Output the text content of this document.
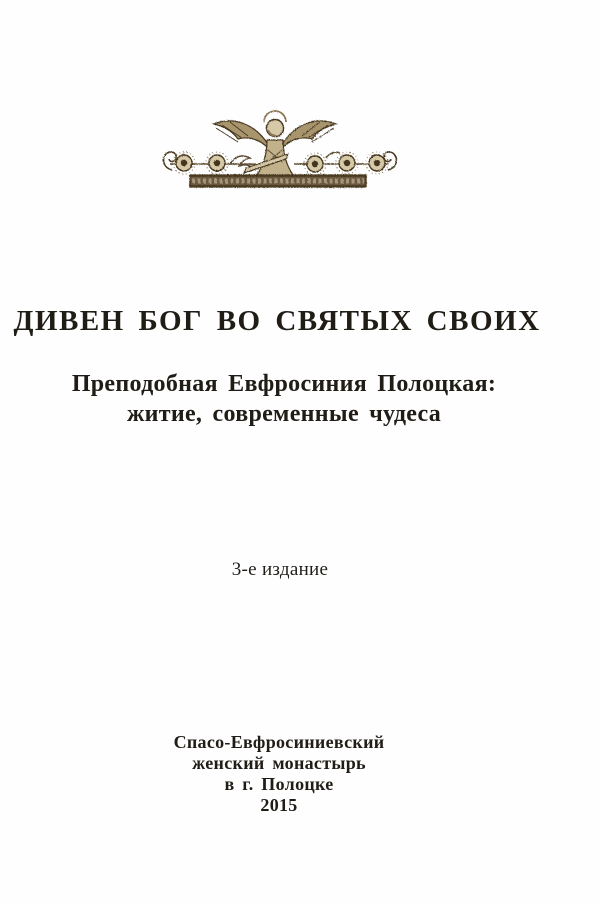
ДИВЕН БОГ ВО СВЯТЫХ СВОИХ
Преподобная Евфросиния Полоцкая:
житие, современные чудеса
3-е издание
Спасо-Евфросиниевский
женский монастырь
в г. Полоцке
2015
